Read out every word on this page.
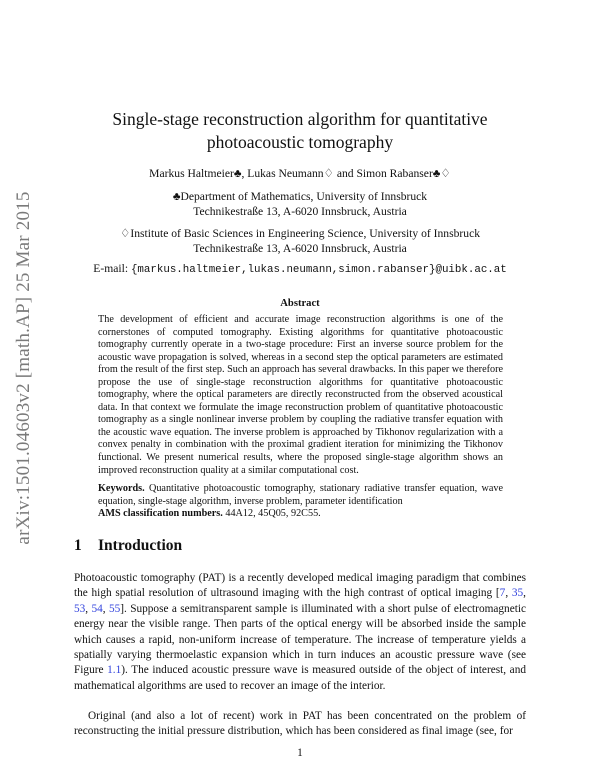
arXiv:1501.04603v2 [math.AP] 25 Mar 2015
Single-stage reconstruction algorithm for quantitative
photoacoustic tomography
Markus Haltmeier♣, Lukas Neumann♢ and Simon Rabanser♣♢
♣Department of Mathematics, University of Innsbruck
Technikestraße 13, A-6020 Innsbruck, Austria
♢Institute of Basic Sciences in Engineering Science, University of Innsbruck
Technikestraße 13, A-6020 Innsbruck, Austria
E-mail: {markus.haltmeier,lukas.neumann,simon.rabanser}@uibk.ac.at
Abstract

The development of efficient and accurate image reconstruction algorithms is one of the cornerstones of computed tomography. Existing algorithms for quantitative photoacoustic tomography currently operate in a two-stage procedure: First an inverse source problem for the acoustic wave propagation is solved, whereas in a second step the optical parameters are estimated from the result of the first step. Such an approach has several drawbacks. In this paper we therefore propose the use of single-stage reconstruction algorithms for quantitative photoacoustic tomography, where the optical parameters are directly reconstructed from the observed acoustical data. In that context we formulate the image reconstruction problem of quantitative photoacoustic tomography as a single nonlinear inverse problem by coupling the radiative transfer equation with the acoustic wave equation. The inverse problem is approached by Tikhonov regularization with a convex penalty in combination with the proximal gradient iteration for minimizing the Tikhonov functional. We present numerical results, where the proposed single-stage algorithm shows an improved reconstruction quality at a similar computational cost.

Keywords. Quantitative photoacoustic tomography, stationary radiative transfer equation, wave equation, single-stage algorithm, inverse problem, parameter identification

AMS classification numbers. 44A12, 45Q05, 92C55.

1 Introduction

Photoacoustic tomography (PAT) is a recently developed medical imaging paradigm that combines the high spatial resolution of ultrasound imaging with the high contrast of optical imaging [7, 35, 53, 54, 55]. Suppose a semitransparent sample is illuminated with a short pulse of electromagnetic energy near the visible range. Then parts of the optical energy will be absorbed inside the sample which causes a rapid, non-uniform increase of temperature. The increase of temperature yields a spatially varying thermoelastic expansion which in turn induces an acoustic pressure wave (see Figure 1.1). The induced acoustic pressure wave is measured outside of the object of interest, and mathematical algorithms are used to recover an image of the interior.

Original (and also a lot of recent) work in PAT has been concentrated on the problem of reconstructing the initial pressure distribution, which has been considered as final image (see, for

1
